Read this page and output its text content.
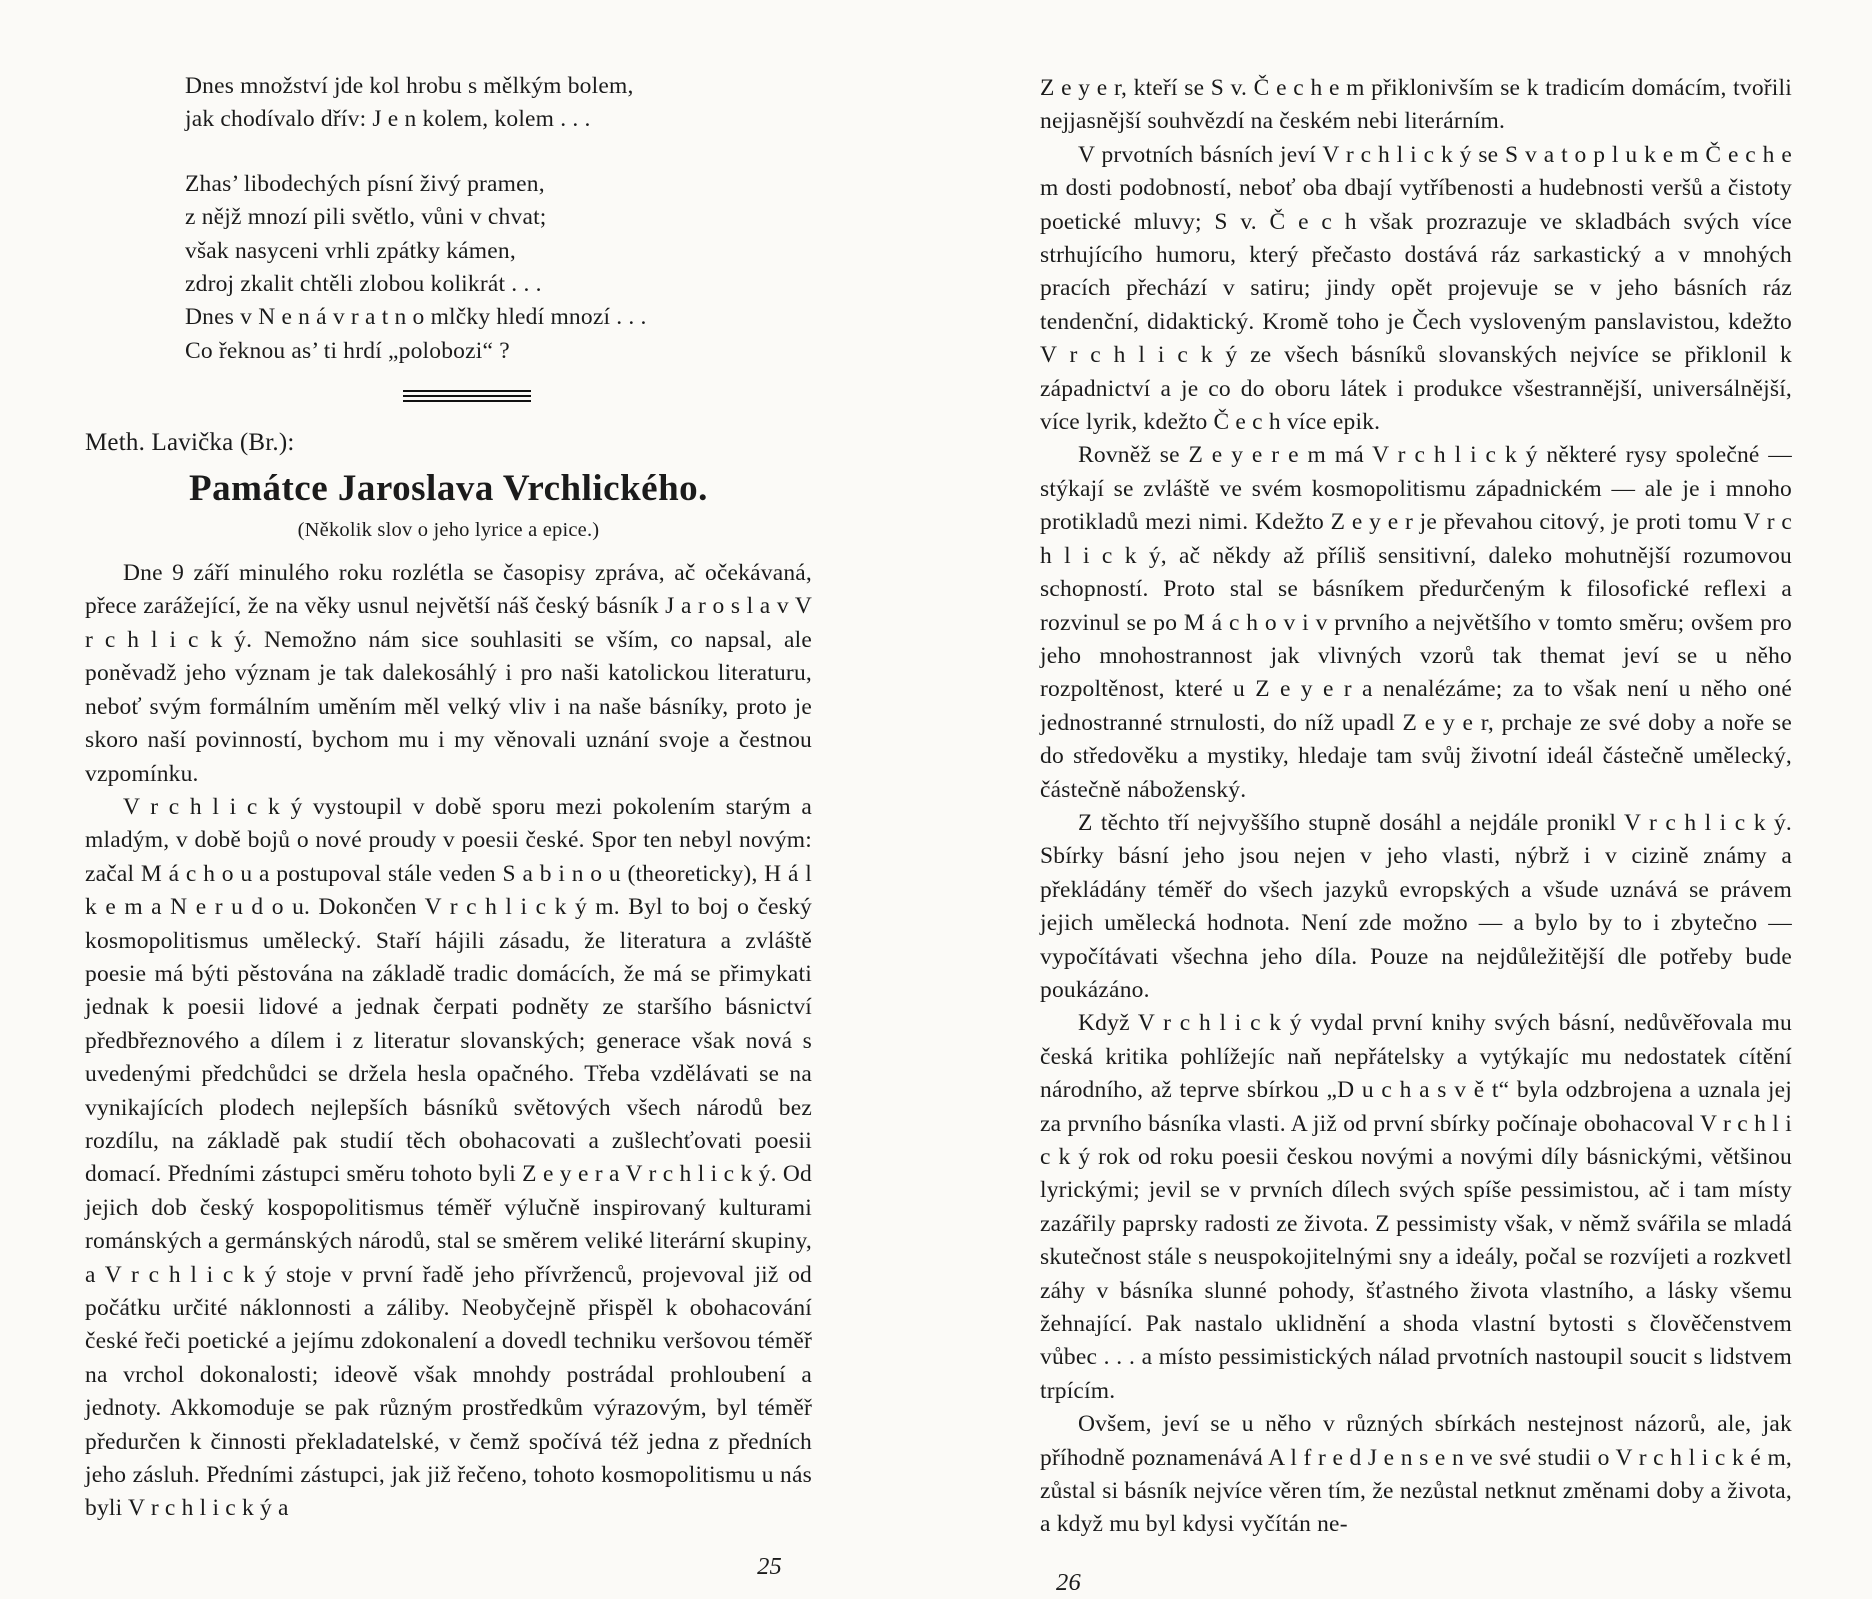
Dnes množství jde kol hrobu s mělkým bolem,

jak chodívalo dřív: J e n kolem, kolem . . .

Zhas’ libodechých písní živý pramen,

z nějž mnozí pili světlo, vůni v chvat;

však nasyceni vrhli zpátky kámen,

zdroj zkalit chtěli zlobou kolikrát . . .

Dnes v N e n á v r a t n o mlčky hledí mnozí . . .

Co řeknou as’ ti hrdí „polobozi“ ?

Meth. Lavička (Br.):

Památce Jaroslava Vrchlického.

(Několik slov o jeho lyrice a epice.)

Dne 9 září minulého roku rozlétla se časopisy zpráva, ač očekávaná, přece zarážející, že na věky usnul největší náš český básník J a r o s l a v V r c h l i c k ý. Nemožno nám sice souhlasiti se vším, co napsal, ale poněvadž jeho význam je tak dalekosáhlý i pro naši katolickou literaturu, neboť svým formálním uměním měl velký vliv i na naše básníky, proto je skoro naší povinností, bychom mu i my věnovali uznání svoje a čestnou vzpomínku.

V r c h l i c k ý vystoupil v době sporu mezi pokolením starým a mladým, v době bojů o nové proudy v poesii české. Spor ten nebyl novým: začal M á c h o u a postupoval stále veden S a b i n o u (theoreticky), H á l k e m a N e r u d o u. Dokončen V r c h l i c k ý m. Byl to boj o český kosmopolitismus umělecký. Staří hájili zásadu, že literatura a zvláště poesie má býti pěstována na základě tradic domácích, že má se přimykati jednak k poesii lidové a jednak čerpati podněty ze staršího básnictví předbřeznového a dílem i z literatur slovanských; generace však nová s uvedenými předchůdci se držela hesla opačného. Třeba vzdělávati se na vynikajících plodech nejlepších básníků světových všech národů bez rozdílu, na základě pak studií těch obohacovati a zušlechťovati poesii domací. Předními zástupci směru tohoto byli Z e y e r a V r c h l i c k ý. Od jejich dob český kospopolitismus téměř výlučně inspirovaný kulturami románských a germánských národů, stal se směrem veliké literární skupiny, a V r c h l i c k ý stoje v první řadě jeho přívrženců, projevoval již od počátku určité náklonnosti a záliby. Neobyčejně přispěl k obohacování české řeči poetické a jejímu zdokonalení a dovedl techniku veršovou téměř na vrchol dokonalosti; ideově však mnohdy postrádal prohloubení a jednoty. Akkomoduje se pak různým prostředkům výrazovým, byl téměř předurčen k činnosti překladatelské, v čemž spočívá též jedna z předních jeho zásluh. Předními zástupci, jak již řečeno, tohoto kosmopolitismu u nás byli V r c h l i c k ý a

25

Z e y e r, kteří se S v. Č e c h e m přiklonivším se k tradicím domácím, tvořili nejjasnější souhvězdí na českém nebi literárním.

V prvotních básních jeví V r c h l i c k ý se S v a t o p l u k e m Č e c h e m dosti podobností, neboť oba dbají vytříbenosti a hudebnosti veršů a čistoty poetické mluvy; S v. Č e c h však prozrazuje ve skladbách svých více strhujícího humoru, který přečasto dostává ráz sarkastický a v mnohých pracích přechází v satiru; jindy opět projevuje se v jeho básních ráz tendenční, didaktický. Kromě toho je Čech vysloveným panslavistou, kdežto V r c h l i c k ý ze všech básníků slovanských nejvíce se přiklonil k západnictví a je co do oboru látek i produkce všestrannější, universálnější, více lyrik, kdežto Č e c h více epik.

Rovněž se Z e y e r e m má V r c h l i c k ý některé rysy společné — stýkají se zvláště ve svém kosmopolitismu západnickém — ale je i mnoho protikladů mezi nimi. Kdežto Z e y e r je převahou citový, je proti tomu V r c h l i c k ý, ač někdy až příliš sensitivní, daleko mohutnější rozumovou schopností. Proto stal se básníkem předurčeným k filosofické reflexi a rozvinul se po M á c h o v i v prvního a největšího v tomto směru; ovšem pro jeho mnohostrannost jak vlivných vzorů tak themat jeví se u něho rozpoltěnost, které u Z e y e r a nenalézáme; za to však není u něho oné jednostranné strnulosti, do níž upadl Z e y e r, prchaje ze své doby a noře se do středověku a mystiky, hledaje tam svůj životní ideál částečně umělecký, částečně náboženský.

Z těchto tří nejvyššího stupně dosáhl a nejdále pronikl V r c h l i c k ý. Sbírky básní jeho jsou nejen v jeho vlasti, nýbrž i v cizině známy a překládány téměř do všech jazyků evropských a všude uznává se právem jejich umělecká hodnota. Není zde možno — a bylo by to i zbytečno — vypočítávati všechna jeho díla. Pouze na nejdůležitější dle potřeby bude poukázáno.

Když V r c h l i c k ý vydal první knihy svých básní, nedůvěřovala mu česká kritika pohlížejíc naň nepřátelsky a vytýkajíc mu nedostatek cítění národního, až teprve sbírkou „D u c h a s v ě t“ byla odzbrojena a uznala jej za prvního básníka vlasti. A již od první sbírky počínaje obohacoval V r c h l i c k ý rok od roku poesii českou novými a novými díly básnickými, většinou lyrickými; jevil se v prvních dílech svých spíše pessimistou, ač i tam místy zazářily paprsky radosti ze života. Z pessimisty však, v němž svářila se mladá skutečnost stále s neuspokojitelnými sny a ideály, počal se rozvíjeti a rozkvetl záhy v básníka slunné pohody, šťastného života vlastního, a lásky všemu žehnající. Pak nastalo uklidnění a shoda vlastní bytosti s člověčenstvem vůbec . . . a místo pessimistických nálad prvotních nastoupil soucit s lidstvem trpícím.

Ovšem, jeví se u něho v různých sbírkách nestejnost názorů, ale, jak příhodně poznamenává A l f r e d J e n s e n ve své studii o V r c h l i c k é m, zůstal si básník nejvíce věren tím, že nezůstal netknut změnami doby a života, a když mu byl kdysi vyčítán ne-

26
